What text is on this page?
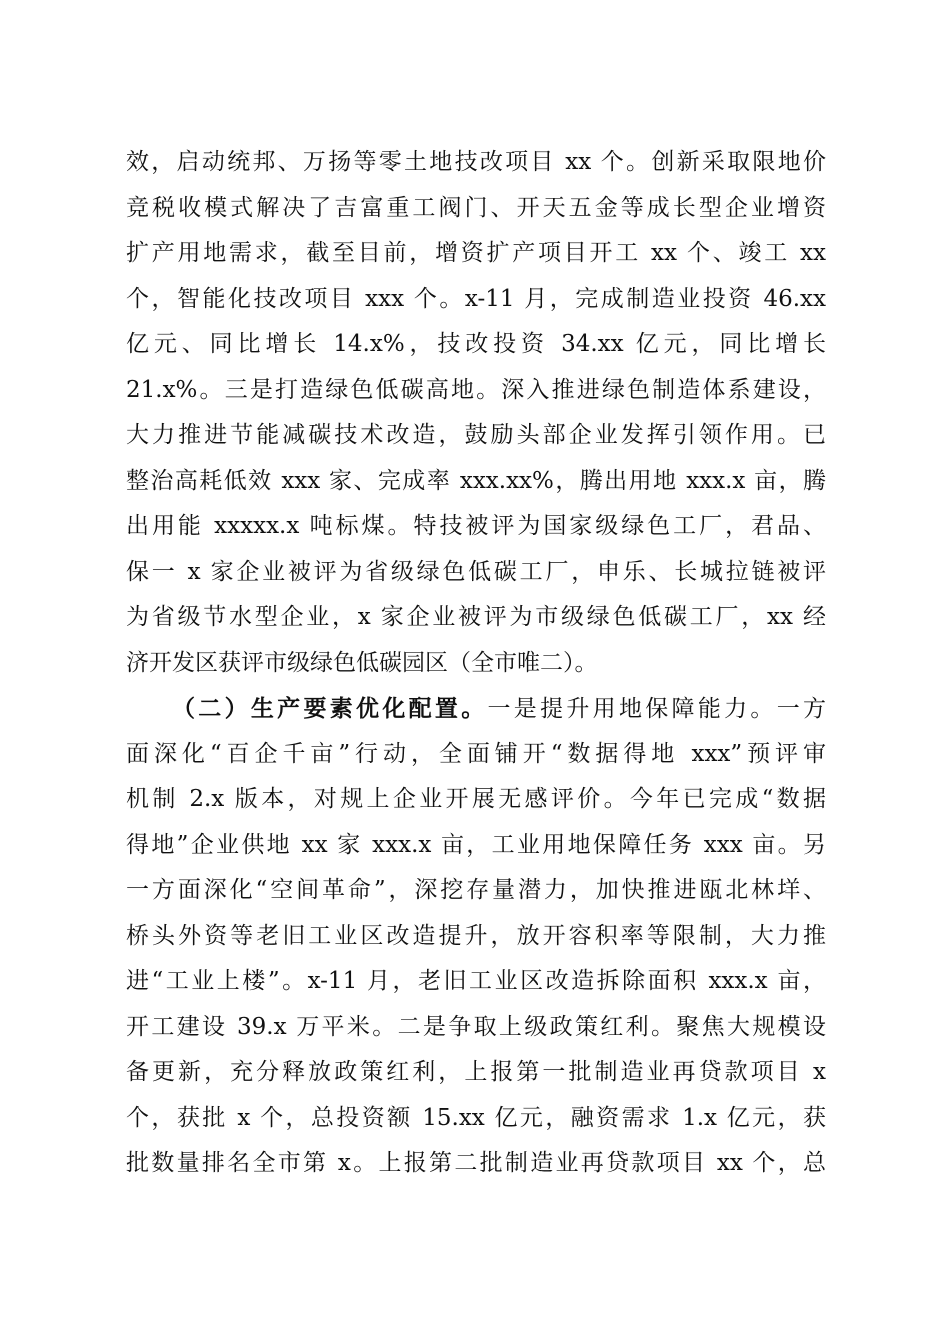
效，启动统邦、万扬等零土地技改项目 xx 个。创新采取限地价
竞税收模式解决了吉富重工阀门、开天五金等成长型企业增资
扩产用地需求，截至目前，增资扩产项目开工 xx 个、竣工 xx
个，智能化技改项目 xxx 个。x-11 月，完成制造业投资 46.xx
亿元、同比增长 14.x%，技改投资 34.xx 亿元，同比增长
21.x%。三是打造绿色低碳高地。深入推进绿色制造体系建设，
大力推进节能减碳技术改造，鼓励头部企业发挥引领作用。已
整治高耗低效 xxx 家、完成率 xxx.xx%，腾出用地 xxx.x 亩，腾
出用能 xxxxx.x 吨标煤。特技被评为国家级绿色工厂，君品、
保一 x 家企业被评为省级绿色低碳工厂，申乐、长城拉链被评
为省级节水型企业，x 家企业被评为市级绿色低碳工厂，xx 经
济开发区获评市级绿色低碳园区（全市唯二）。
（二）生产要素优化配置。一是提升用地保障能力。一方
面深化“百企千亩”行动，全面铺开“数据得地 xxx”预评审
机制 2.x 版本，对规上企业开展无感评价。今年已完成“数据
得地”企业供地 xx 家 xxx.x 亩，工业用地保障任务 xxx 亩。另
一方面深化“空间革命”，深挖存量潜力，加快推进瓯北林垟、
桥头外资等老旧工业区改造提升，放开容积率等限制，大力推
进“工业上楼”。x-11 月，老旧工业区改造拆除面积 xxx.x 亩，
开工建设 39.x 万平米。二是争取上级政策红利。聚焦大规模设
备更新，充分释放政策红利，上报第一批制造业再贷款项目 x
个，获批 x 个，总投资额 15.xx 亿元，融资需求 1.x 亿元，获
批数量排名全市第 x。上报第二批制造业再贷款项目 xx 个，总
